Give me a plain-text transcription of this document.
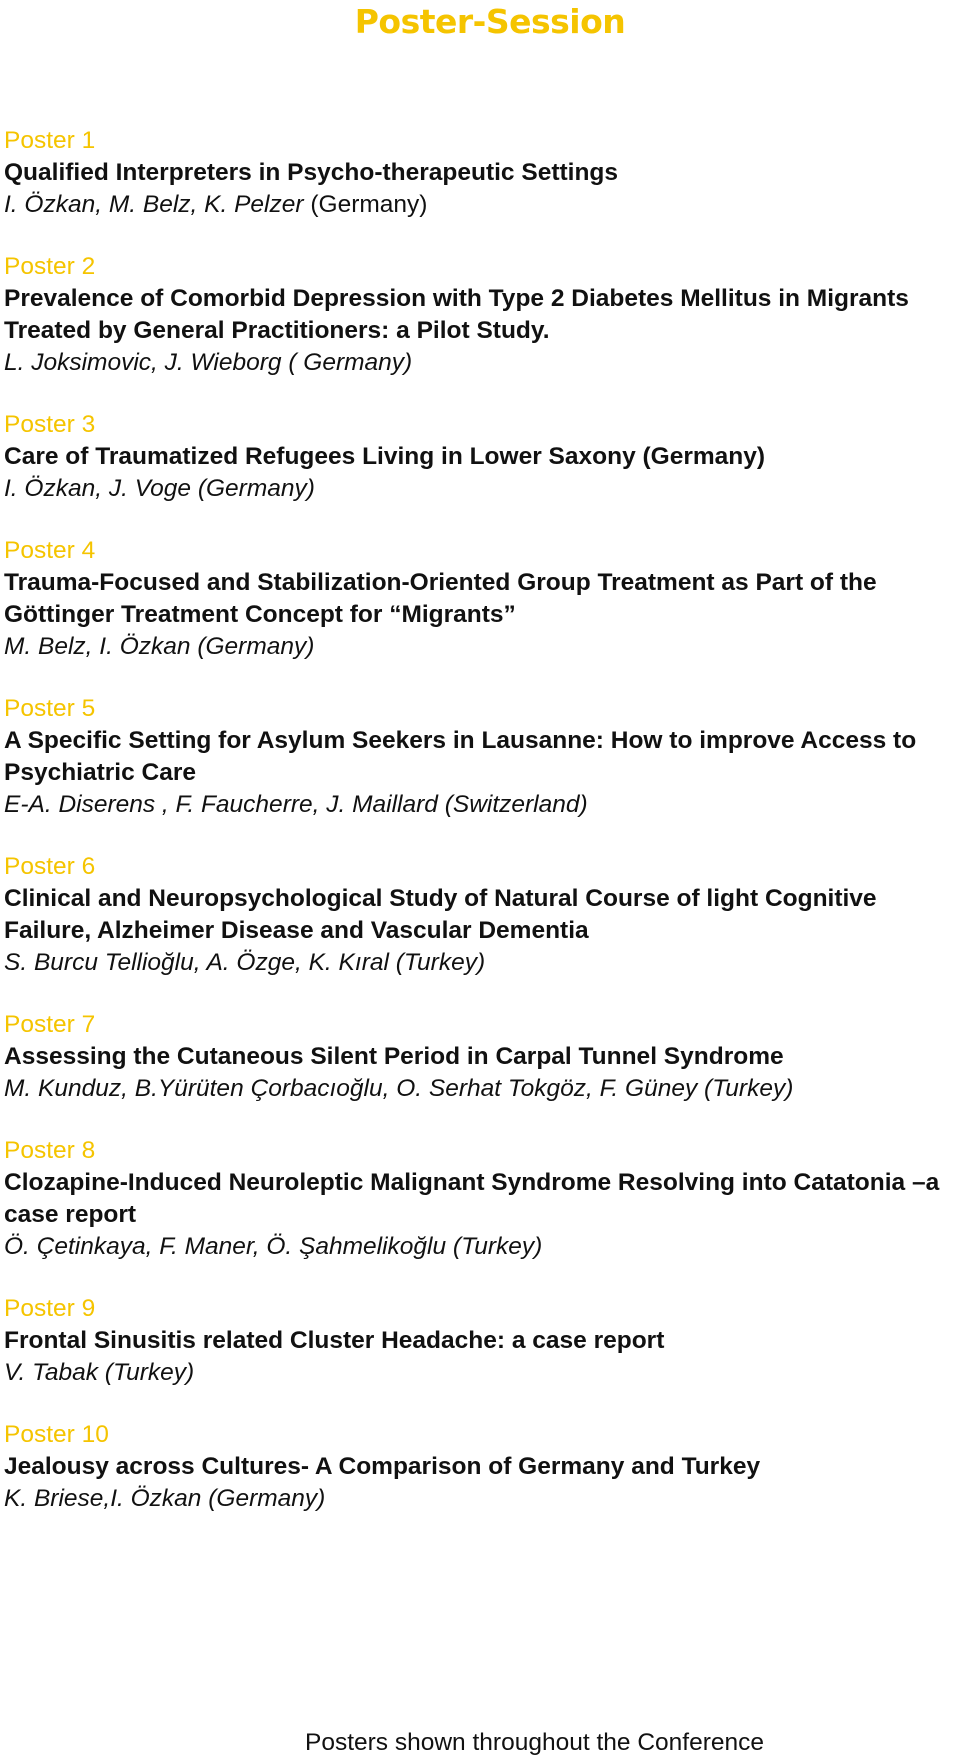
Poster-Session
Poster 1
Qualified Interpreters in Psycho-therapeutic Settings
I. Özkan, M. Belz, K. Pelzer (Germany)
Poster 2
Prevalence of Comorbid Depression with Type 2 Diabetes Mellitus in Migrants Treated by General Practitioners: a Pilot Study.
L. Joksimovic, J. Wieborg ( Germany)
Poster 3
Care of Traumatized Refugees Living in Lower Saxony (Germany)
I. Özkan, J. Voge (Germany)
Poster 4
Trauma-Focused and Stabilization-Oriented Group Treatment as Part of the Göttinger Treatment Concept for “Migrants”
M. Belz, I. Özkan (Germany)
Poster 5
A Specific Setting for Asylum Seekers in Lausanne: How to improve Access to Psychiatric Care
E-A. Diserens , F. Faucherre, J. Maillard (Switzerland)
Poster 6
Clinical and Neuropsychological Study of Natural Course of light Cognitive Failure, Alzheimer Disease and Vascular Dementia
S. Burcu Tellioğlu, A. Özge, K. Kıral (Turkey)
Poster 7
Assessing the Cutaneous Silent Period in Carpal Tunnel Syndrome
M. Kunduz, B.Yürüten Çorbacıoğlu, O. Serhat Tokgöz, F. Güney (Turkey)
Poster 8
Clozapine-Induced Neuroleptic Malignant Syndrome Resolving into Catatonia –a case report
Ö. Çetinkaya, F. Maner, Ö. Şahmelikoğlu (Turkey)
Poster 9
Frontal Sinusitis related Cluster Headache: a case report
V. Tabak (Turkey)
Poster 10
Jealousy across Cultures- A Comparison of Germany and Turkey
K. Briese,I. Özkan (Germany)
Posters shown throughout the Conference
